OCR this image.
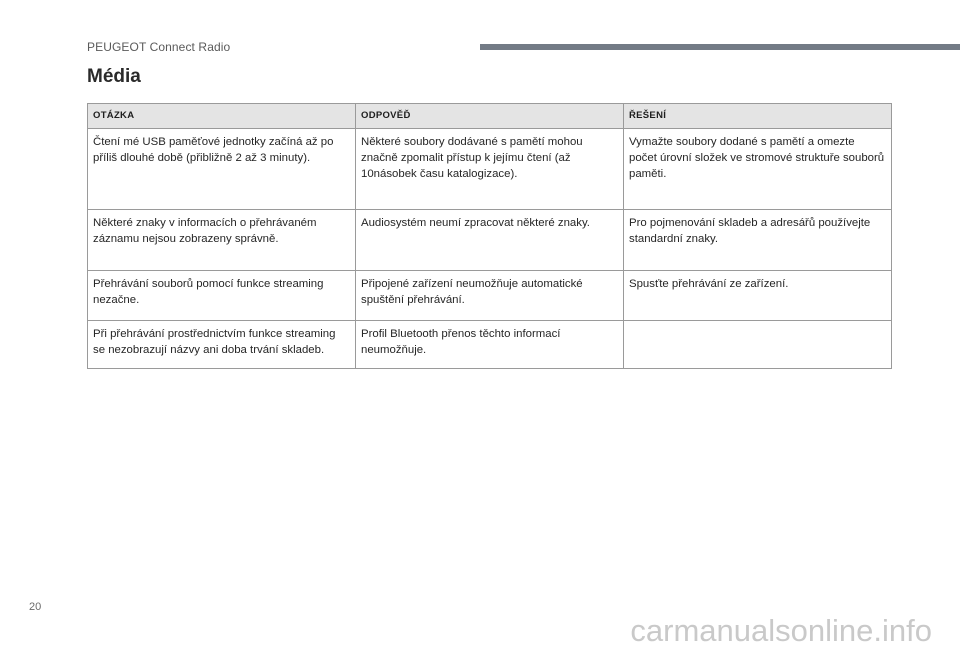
PEUGEOT Connect Radio
Média
OTÁZKA	ODPOVĚĎ	ŘEŠENÍ
Čtení mé USB paměťové jednotky začíná až po příliš dlouhé době (přibližně 2 až 3 minuty).	Některé soubory dodávané s pamětí mohou značně zpomalit přístup k jejímu čtení (až 10násobek času katalogizace).	Vymažte soubory dodané s pamětí a omezte počet úrovní složek ve stromové struktuře souborů paměti.
Některé znaky v informacích o přehrávaném záznamu nejsou zobrazeny správně.	Audiosystém neumí zpracovat některé znaky.	Pro pojmenování skladeb a adresářů používejte standardní znaky.
Přehrávání souborů pomocí funkce streaming nezačne.	Připojené zařízení neumožňuje automatické spuštění přehrávání.	Spusťte přehrávání ze zařízení.
Při přehrávání prostřednictvím funkce streaming se nezobrazují názvy ani doba trvání skladeb.	Profil Bluetooth přenos těchto informací neumožňuje.	
20
carmanualsonline.info
